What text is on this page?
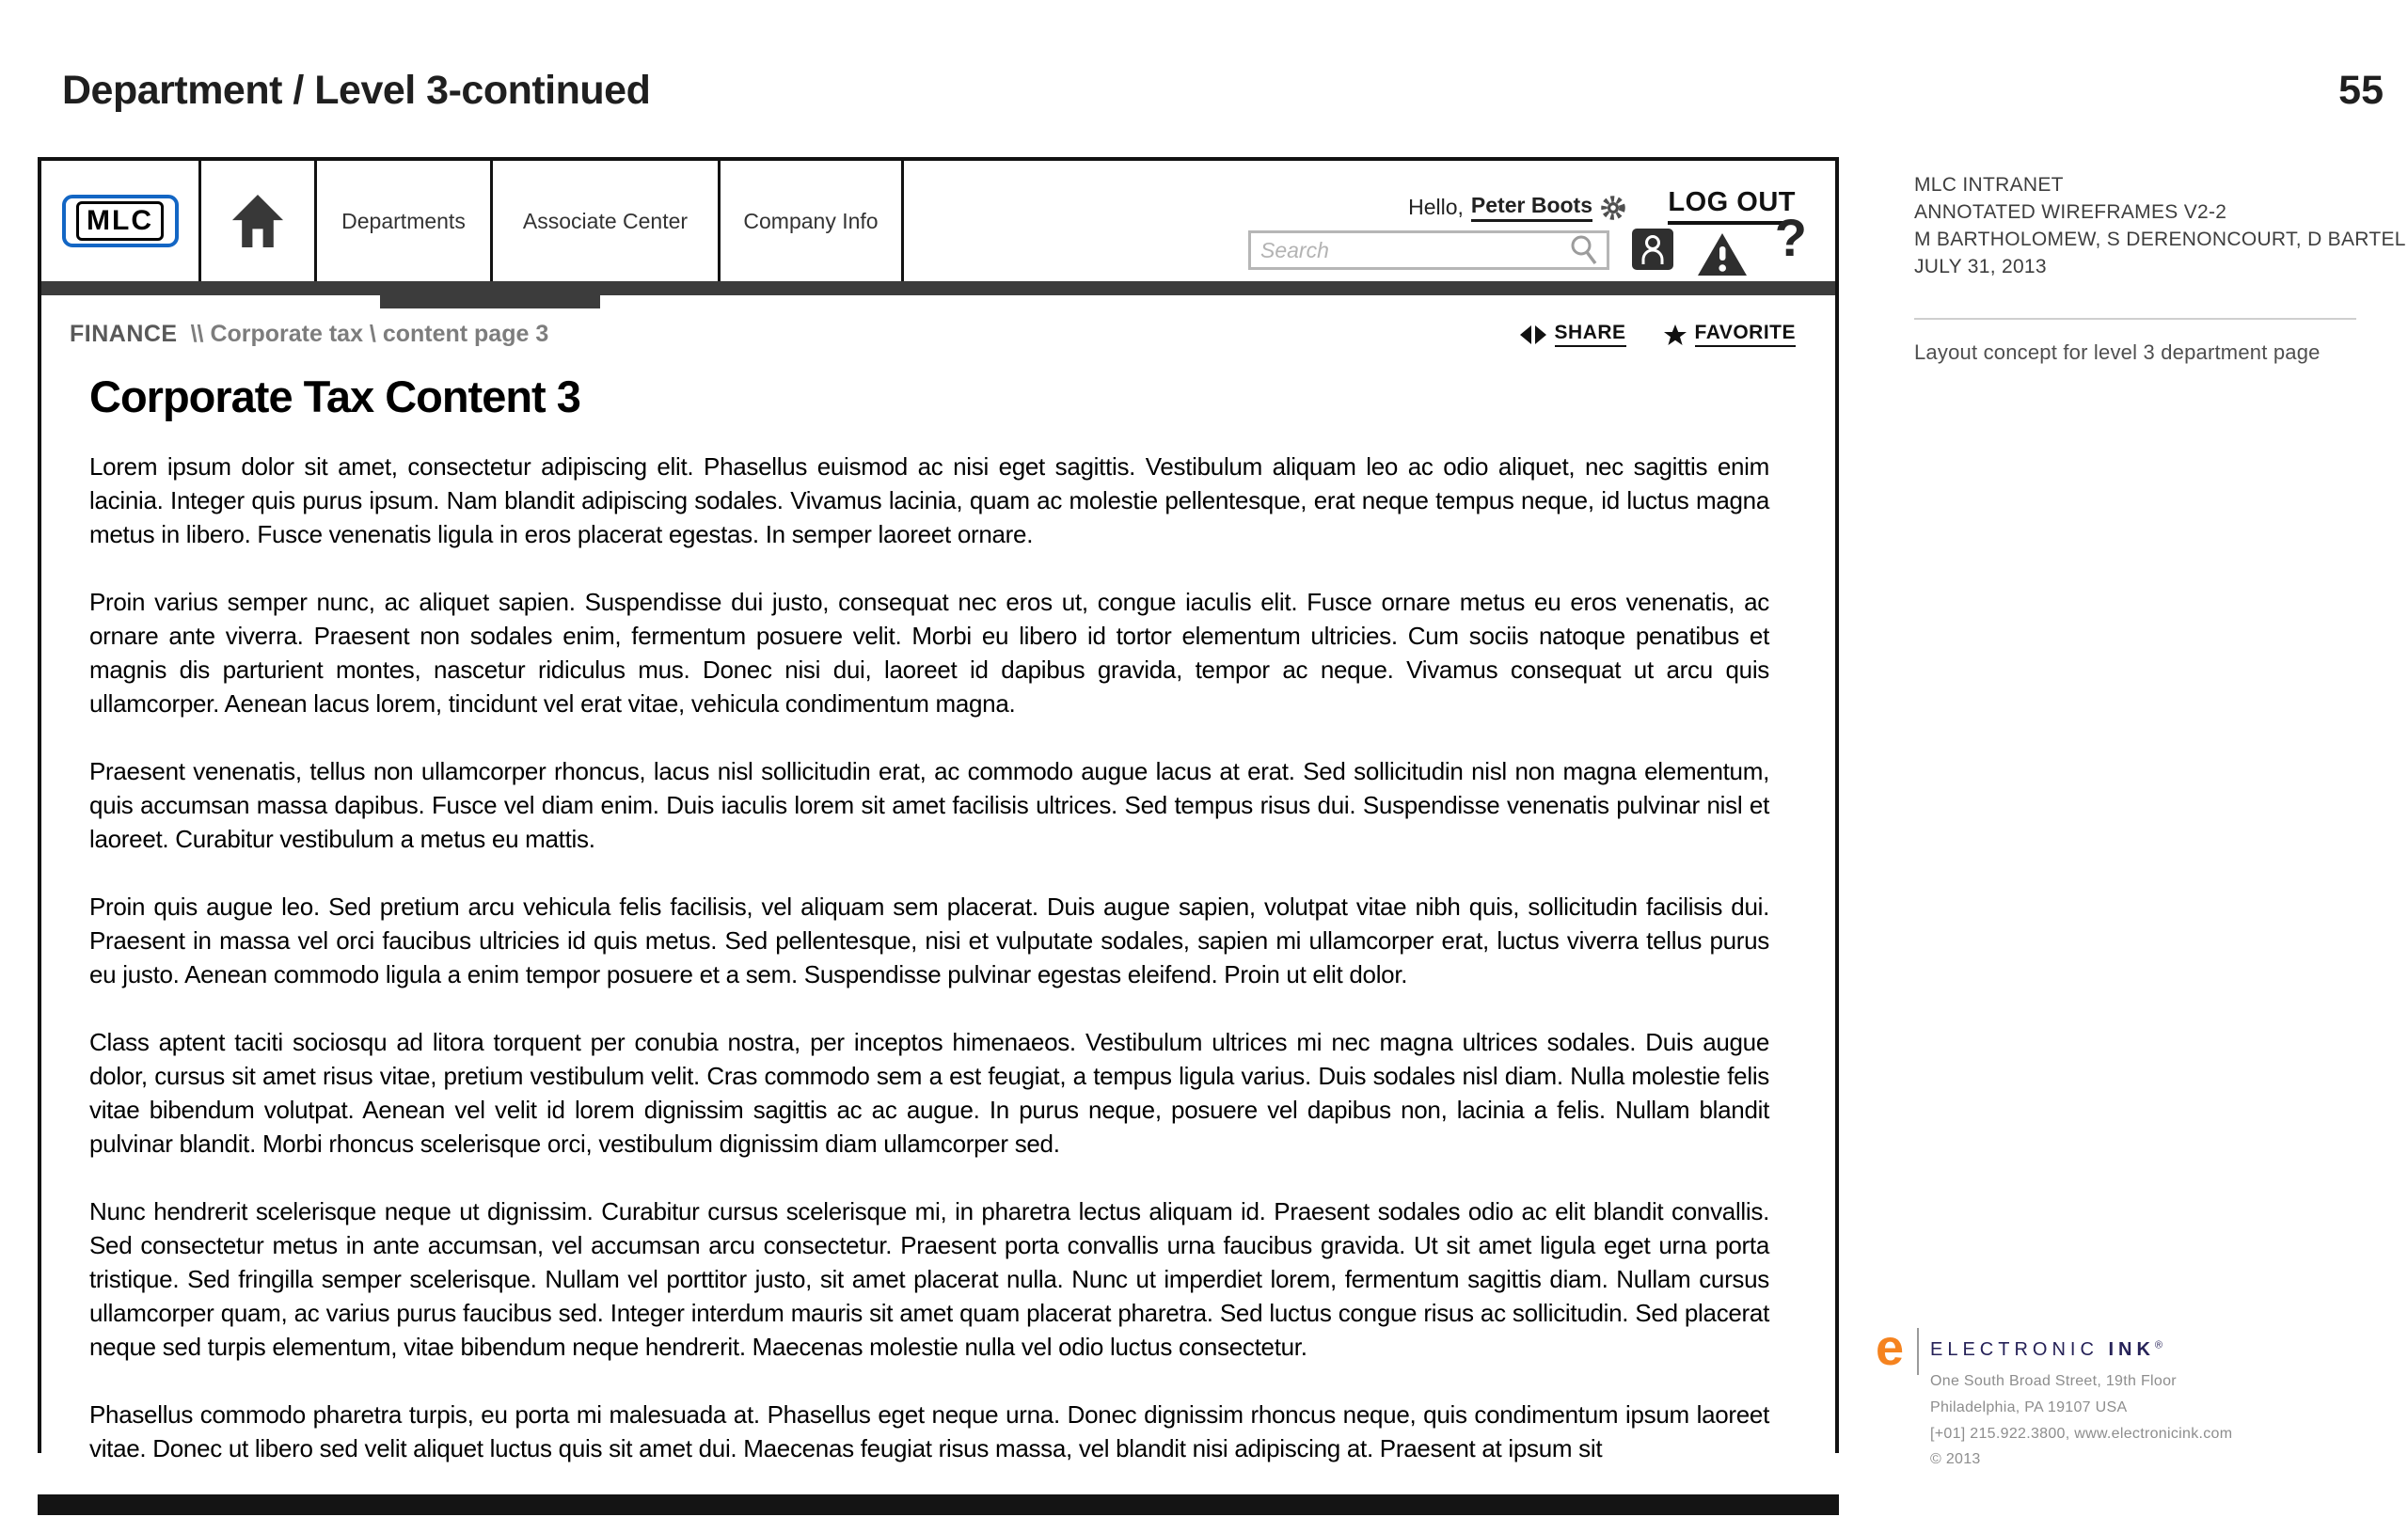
Department / Level 3-continued	55
MLC	Departments	Associate Center	Company Info
Hello, Peter Boots	LOG OUT
Search
?
FINANCE \\ Corporate tax \ content page 3	SHARE	FAVORITE
Corporate Tax Content 3

Lorem ipsum dolor sit amet, consectetur adipiscing elit. Phasellus euismod ac nisi eget sagittis. Vestibulum aliquam leo ac odio aliquet, nec sagittis enim lacinia. Integer quis purus ipsum. Nam blandit adipiscing sodales. Vivamus lacinia, quam ac molestie pellentesque, erat neque tempus neque, id luctus magna metus in libero. Fusce venenatis ligula in eros placerat egestas. In semper laoreet ornare.

Proin varius semper nunc, ac aliquet sapien. Suspendisse dui justo, consequat nec eros ut, congue iaculis elit. Fusce ornare metus eu eros venenatis, ac ornare ante viverra. Praesent non sodales enim, fermentum posuere velit. Morbi eu libero id tortor elementum ultricies. Cum sociis natoque penatibus et magnis dis parturient montes, nascetur ridiculus mus. Donec nisi dui, laoreet id dapibus gravida, tempor ac neque. Vivamus consequat ut arcu quis ullamcorper. Aenean lacus lorem, tincidunt vel erat vitae, vehicula condimentum magna.

Praesent venenatis, tellus non ullamcorper rhoncus, lacus nisl sollicitudin erat, ac commodo augue lacus at erat. Sed sollicitudin nisl non magna elementum, quis accumsan massa dapibus. Fusce vel diam enim. Duis iaculis lorem sit amet facilisis ultrices. Sed tempus risus dui. Suspendisse venenatis pulvinar nisl et laoreet. Curabitur vestibulum a metus eu mattis.

Proin quis augue leo. Sed pretium arcu vehicula felis facilisis, vel aliquam sem placerat. Duis augue sapien, volutpat vitae nibh quis, sollicitudin facilisis dui. Praesent in massa vel orci faucibus ultricies id quis metus. Sed pellentesque, nisi et vulputate sodales, sapien mi ullamcorper erat, luctus viverra tellus purus eu justo. Aenean commodo ligula a enim tempor posuere et a sem. Suspendisse pulvinar egestas eleifend. Proin ut elit dolor.

Class aptent taciti sociosqu ad litora torquent per conubia nostra, per inceptos himenaeos. Vestibulum ultrices mi nec magna ultrices sodales. Duis augue dolor, cursus sit amet risus vitae, pretium vestibulum velit. Cras commodo sem a est feugiat, a tempus ligula varius. Duis sodales nisl diam. Nulla molestie felis vitae bibendum volutpat. Aenean vel velit id lorem dignissim sagittis ac ac augue. In purus neque, posuere vel dapibus non, lacinia a felis. Nullam blandit pulvinar blandit. Morbi rhoncus scelerisque orci, vestibulum dignissim diam ullamcorper sed.

Nunc hendrerit scelerisque neque ut dignissim. Curabitur cursus scelerisque mi, in pharetra lectus aliquam id. Praesent sodales odio ac elit blandit convallis. Sed consectetur metus in ante accumsan, vel accumsan arcu consectetur. Praesent porta convallis urna faucibus gravida. Ut sit amet ligula eget urna porta tristique. Sed fringilla semper scelerisque. Nullam vel porttitor justo, sit amet placerat nulla. Nunc ut imperdiet lorem, fermentum sagittis diam. Nullam cursus ullamcorper quam, ac varius purus faucibus sed. Integer interdum mauris sit amet quam placerat pharetra. Sed luctus congue risus ac sollicitudin. Sed placerat neque sed turpis elementum, vitae bibendum neque hendrerit. Maecenas molestie nulla vel odio luctus consectetur.

Phasellus commodo pharetra turpis, eu porta mi malesuada at. Phasellus eget neque urna. Donec dignissim rhoncus neque, quis condimentum ipsum laoreet vitae. Donec ut libero sed velit aliquet luctus quis sit amet dui. Maecenas feugiat risus massa, vel blandit nisi adipiscing at. Praesent at ipsum sit

MLC INTRANET
ANNOTATED WIREFRAMES V2-2
M BARTHOLOMEW, S DERENONCOURT, D BARTEL
JULY 31, 2013
Layout concept for level 3 department page
e ELECTRONIC INK®
One South Broad Street, 19th Floor
Philadelphia, PA 19107 USA
[+01] 215.922.3800, www.electronicink.com
© 2013
